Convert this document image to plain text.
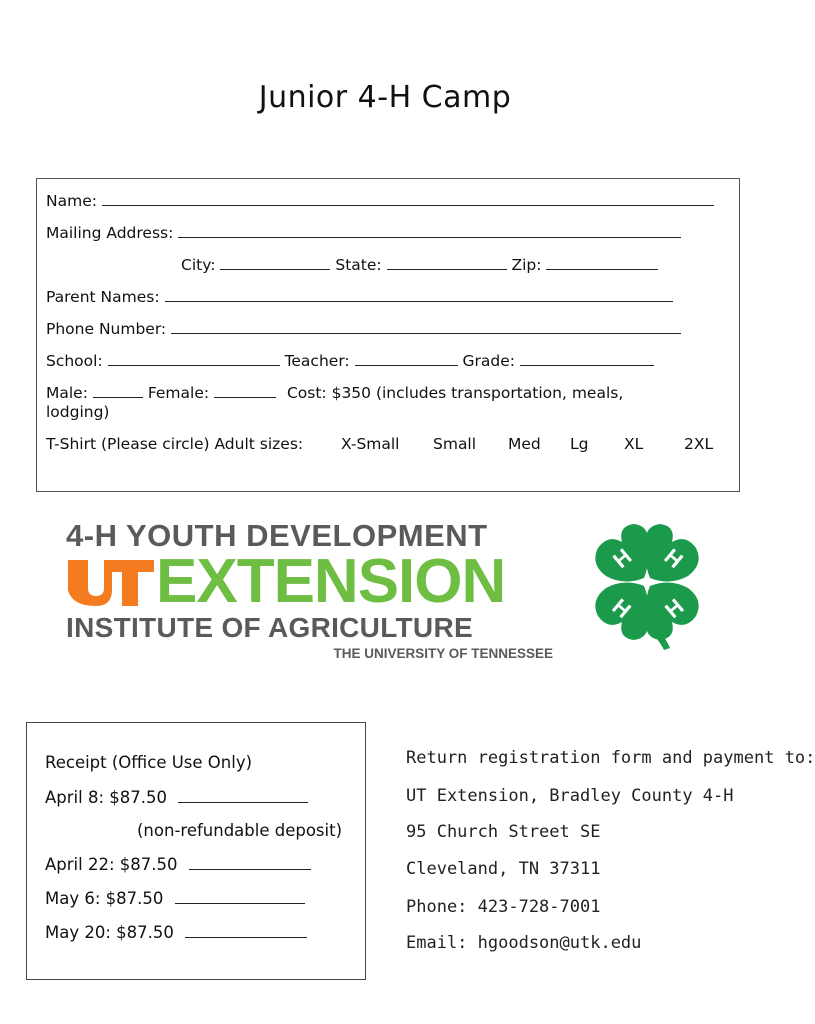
Junior 4-H Camp
Name:
Mailing Address:
City:	State:	Zip:
Parent Names:
Phone Number:
School:	Teacher:	Grade:
Male:	Female:	Cost: $350 (includes transportation, meals,
lodging)
T-Shirt (Please circle) Adult sizes: X-Small Small Med Lg XL	2XL
4-H YOUTH DEVELOPMENT
EXTENSION
INSTITUTE OF AGRICULTURE
THE UNIVERSITY OF TENNESSEE
H H
H H
18 U.S.C. 707
Receipt (Office Use Only)
April 8: $87.50
(non-refundable deposit)
April 22: $87.50
May 6: $87.50
May 20: $87.50
Return registration form and payment to:
UT Extension, Bradley County 4-H
95 Church Street SE
Cleveland, TN 37311
Phone: 423-728-7001
Email: hgoodson@utk.edu
